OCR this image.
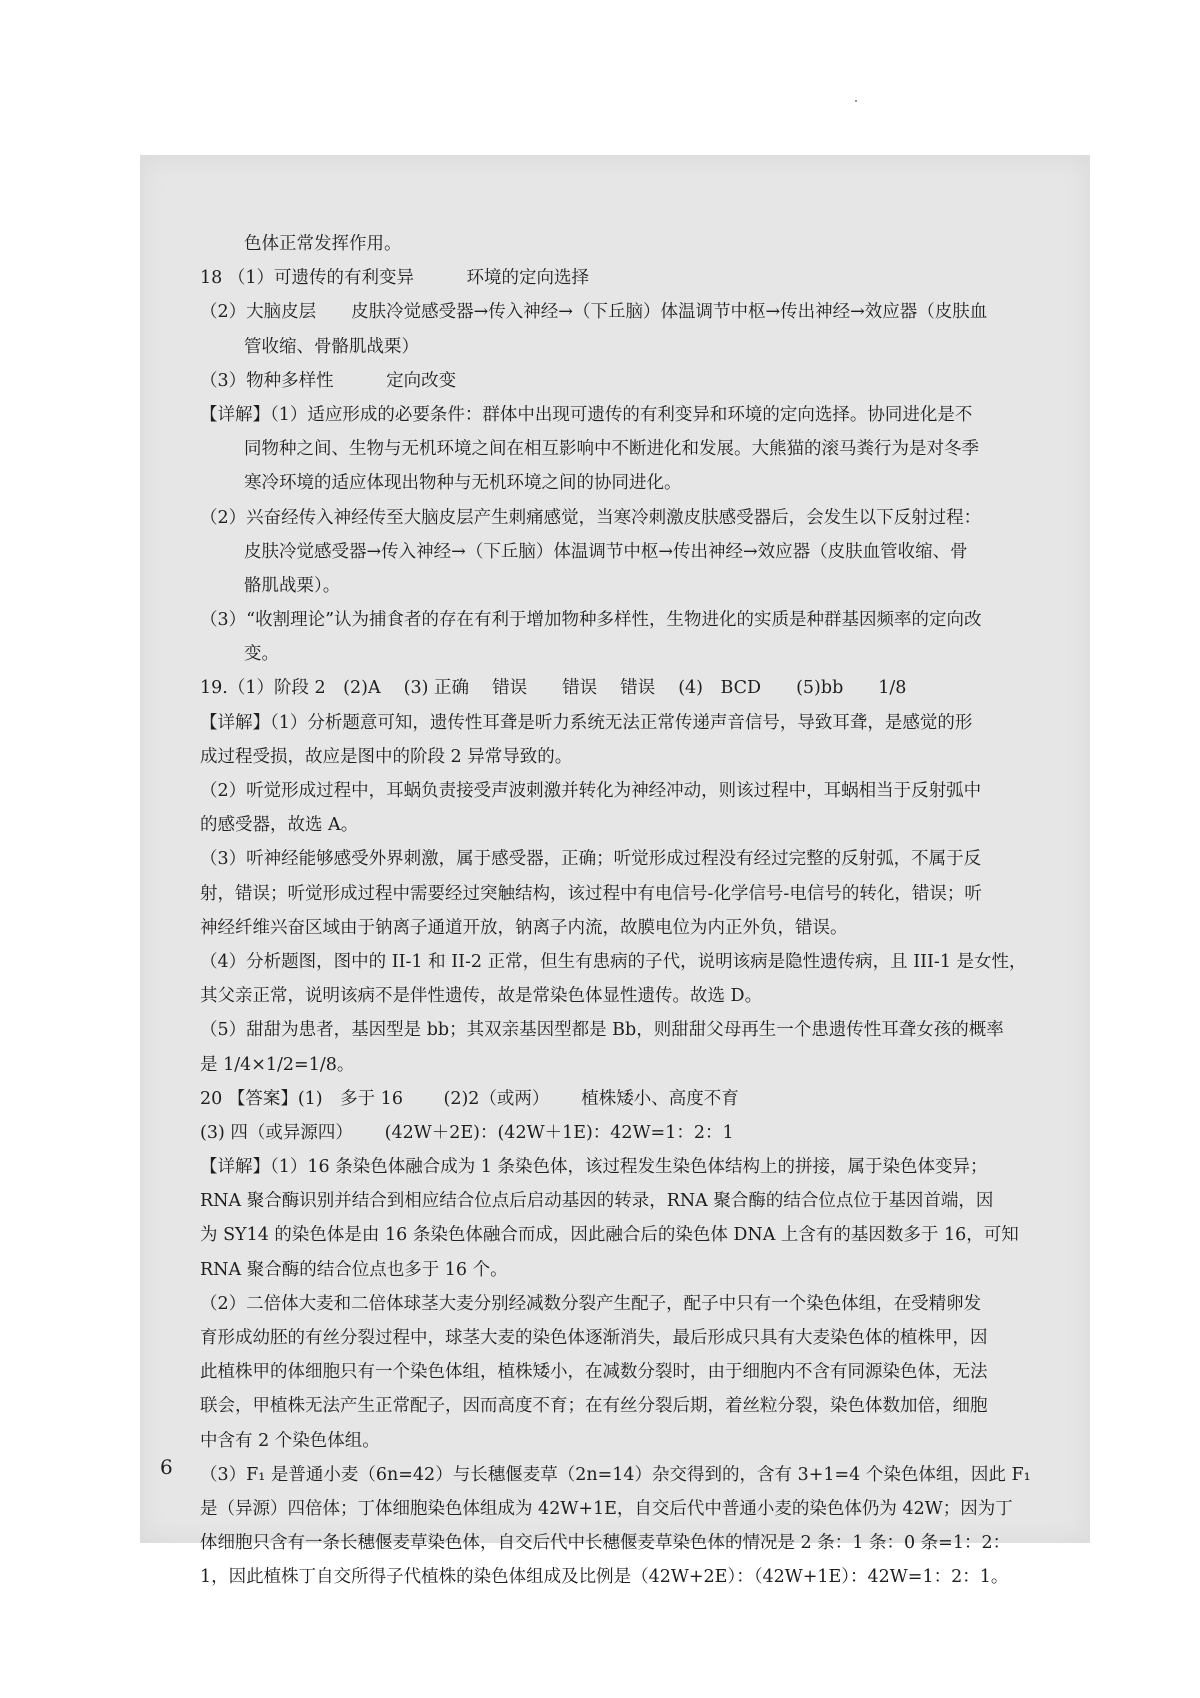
色体正常发挥作用。
18 （1）可遗传的有利变异　　　环境的定向选择
（2）大脑皮层　　皮肤冷觉感受器→传入神经→（下丘脑）体温调节中枢→传出神经→效应器（皮肤血
管收缩、骨骼肌战栗）
（3）物种多样性　　　定向改变
【详解】（1）适应形成的必要条件：群体中出现可遗传的有利变异和环境的定向选择。协同进化是不
同物种之间、生物与无机环境之间在相互影响中不断进化和发展。大熊猫的滚马粪行为是对冬季
寒冷环境的适应体现出物种与无机环境之间的协同进化。
（2）兴奋经传入神经传至大脑皮层产生刺痛感觉，当寒冷刺激皮肤感受器后，会发生以下反射过程：
皮肤冷觉感受器→传入神经→（下丘脑）体温调节中枢→传出神经→效应器（皮肤血管收缩、骨
骼肌战栗）。
（3）“收割理论”认为捕食者的存在有利于增加物种多样性，生物进化的实质是种群基因频率的定向改
变。
19.（1）阶段 2　(2)A　 (3) 正确　 错误　　错误　 错误　 (4)　BCD　　(5)bb　　1/8
【详解】（1）分析题意可知，遗传性耳聋是听力系统无法正常传递声音信号，导致耳聋，是感觉的形
成过程受损，故应是图中的阶段 2 异常导致的。
（2）听觉形成过程中，耳蜗负责接受声波刺激并转化为神经冲动，则该过程中，耳蜗相当于反射弧中
的感受器，故选 A。
（3）听神经能够感受外界刺激，属于感受器，正确；听觉形成过程没有经过完整的反射弧，不属于反
射，错误；听觉形成过程中需要经过突触结构，该过程中有电信号-化学信号-电信号的转化，错误；听
神经纤维兴奋区域由于钠离子通道开放，钠离子内流，故膜电位为内正外负，错误。
（4）分析题图，图中的 II-1 和 II-2 正常，但生有患病的子代，说明该病是隐性遗传病，且 III-1 是女性，
其父亲正常，说明该病不是伴性遗传，故是常染色体显性遗传。故选 D。
（5）甜甜为患者，基因型是 bb；其双亲基因型都是 Bb，则甜甜父母再生一个患遗传性耳聋女孩的概率
是 1/4×1/2=1/8。
20 【答案】(1)　多于 16　　 (2)2（或两）　　 植株矮小、高度不育
(3) 四（或异源四）　　 (42W＋2E)：(42W＋1E)：42W=1：2：1
【详解】（1）16 条染色体融合成为 1 条染色体，该过程发生染色体结构上的拼接，属于染色体变异；
RNA 聚合酶识别并结合到相应结合位点后启动基因的转录，RNA 聚合酶的结合位点位于基因首端，因
为 SY14 的染色体是由 16 条染色体融合而成，因此融合后的染色体 DNA 上含有的基因数多于 16，可知
RNA 聚合酶的结合位点也多于 16 个。
（2）二倍体大麦和二倍体球茎大麦分别经减数分裂产生配子，配子中只有一个染色体组，在受精卵发
育形成幼胚的有丝分裂过程中，球茎大麦的染色体逐渐消失，最后形成只具有大麦染色体的植株甲，因
此植株甲的体细胞只有一个染色体组，植株矮小，在减数分裂时，由于细胞内不含有同源染色体，无法
联会，甲植株无法产生正常配子，因而高度不育；在有丝分裂后期，着丝粒分裂，染色体数加倍，细胞
中含有 2 个染色体组。
（3）F₁ 是普通小麦（6n=42）与长穗偃麦草（2n=14）杂交得到的，含有 3+1=4 个染色体组，因此 F₁
是（异源）四倍体；丁体细胞染色体组成为 42W+1E，自交后代中普通小麦的染色体仍为 42W；因为丁
体细胞只含有一条长穗偃麦草染色体，自交后代中长穗偃麦草染色体的情况是 2 条：1 条：0 条=1：2：
1，因此植株丁自交所得子代植株的染色体组成及比例是（42W+2E）：（42W+1E）：42W=1：2：1。
6
